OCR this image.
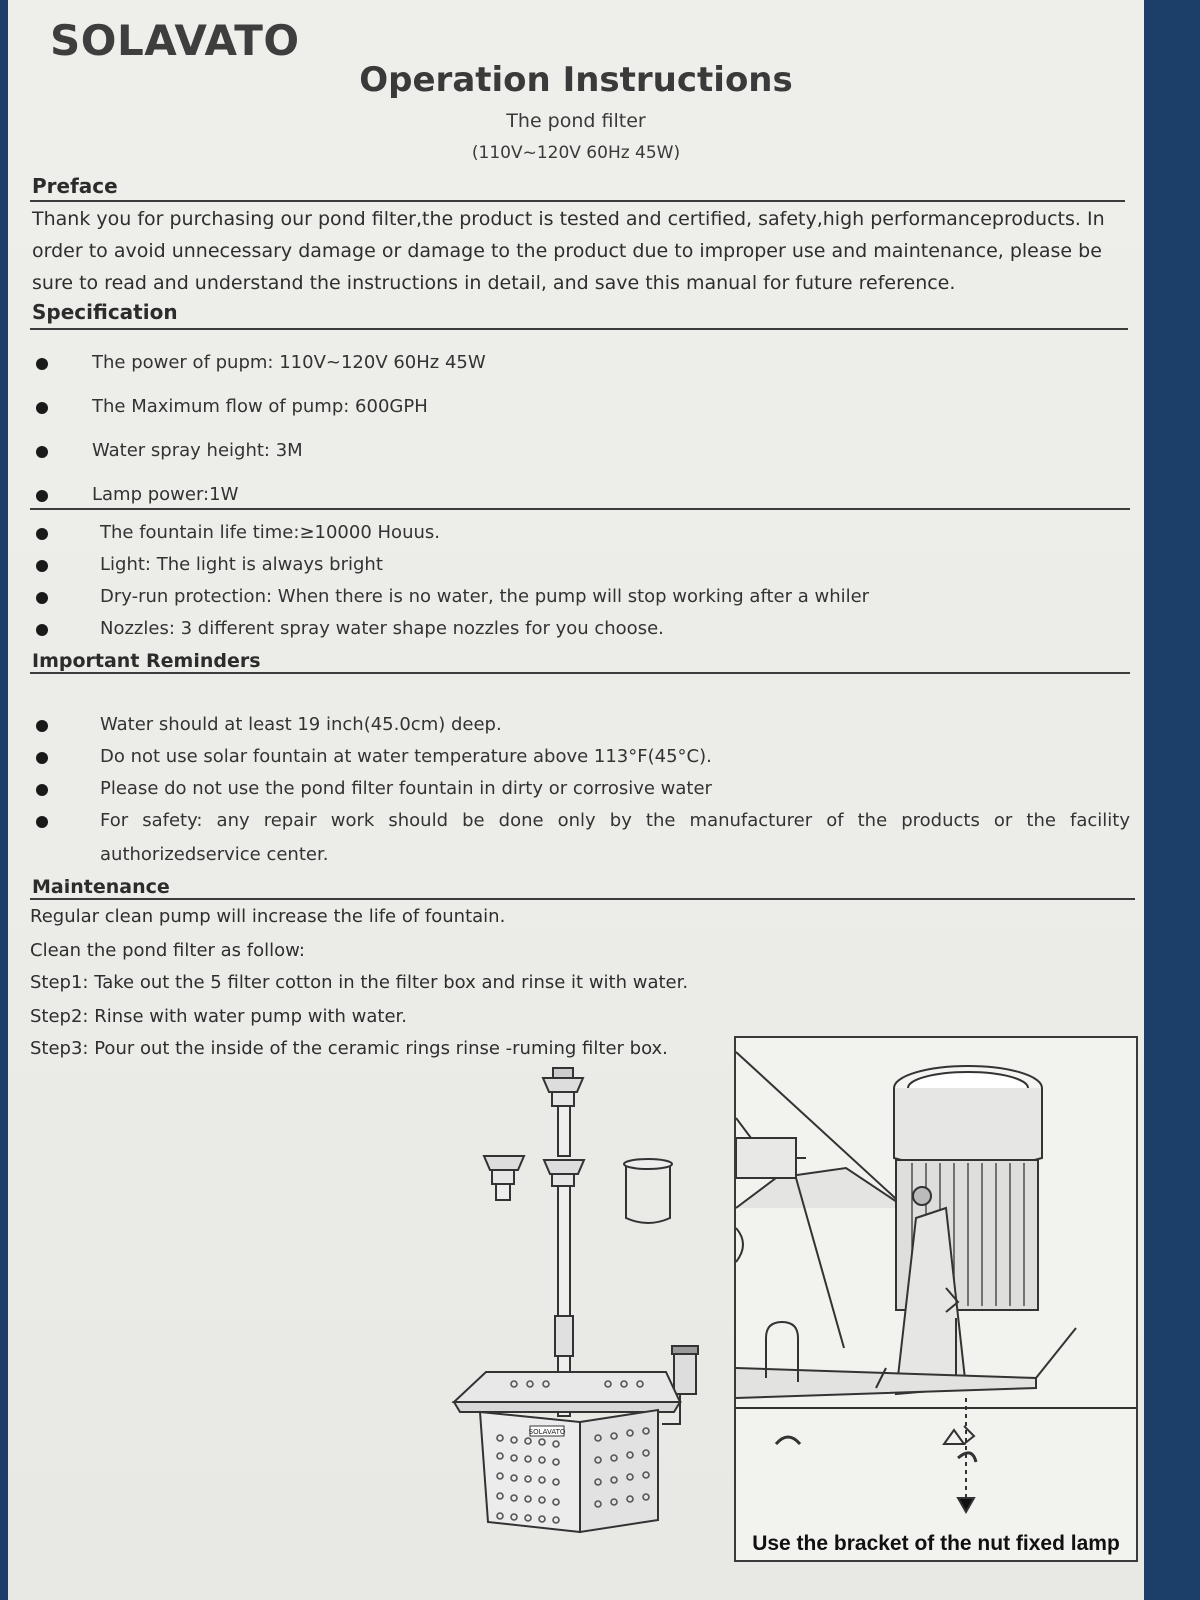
SOLAVATO
Operation Instructions
The pond filter
(110V~120V 60Hz 45W)
Preface
Thank you for purchasing our pond filter,the product is tested and certified, safety,high performanceproducts. In order to avoid unnecessary damage or damage to the product due to improper use and maintenance, please be sure to read and understand the instructions in detail, and save this manual for future reference.
Specification
The power of pupm: 110V~120V 60Hz 45W
The Maximum flow of pump: 600GPH
Water spray height: 3M
Lamp power:1W
The fountain life time:≥10000 Houus.
Light: The light is always bright
Dry-run protection: When there is no water, the pump will stop working after a whiler
Nozzles: 3 different spray water shape nozzles for you choose.
Important Reminders
Water should at least 19 inch(45.0cm) deep.
Do not use solar fountain at water temperature above 113°F(45°C).
Please do not use the pond filter fountain in dirty or corrosive water
For safety: any repair work should be done only by the manufacturer of the products or the facility authorizedservice center.
Maintenance
Regular clean pump will increase the life of fountain.
Clean the pond filter as follow:
Step1: Take out the 5 filter cotton in the filter box and rinse it with water.
Step2: Rinse with water pump with water.
Step3: Pour out the inside of the ceramic rings rinse -ruming filter box.
SOLAVATO
Use the bracket of the nut fixed lamp
